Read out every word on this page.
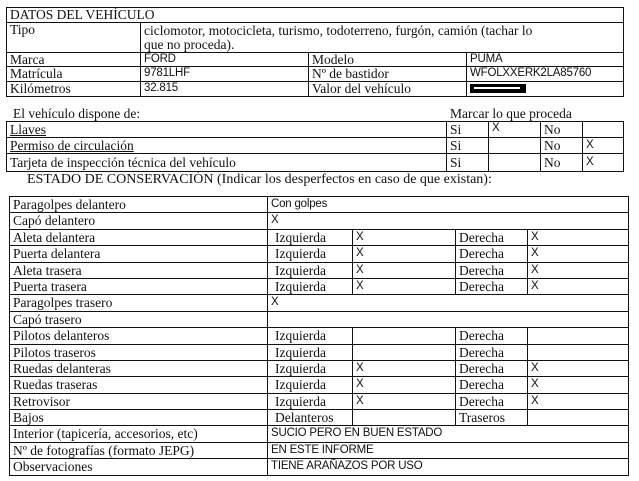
DATOS DEL VEHÍCULO			
Tipo	ciclomotor, motocicleta, turismo, todoterreno, furgón, camión (tachar lo
que no proceda).		

Marca	FORD	Modelo	PUMA
Matrícula	9781LHF	Nº de bastidor	WFOLXXERK2LA85760
Kilómetros	32.815	Valor del vehículo	
El vehículo dispone de:	Marcar lo que proceda
Llaves	Si	X	No	
Permiso de circulación	Si		No	X
Tarjeta de inspección técnica del vehículo	Si		No	X
ESTADO DE CONSERVACIÓN (Indicar los desperfectos en caso de que existan):
Paragolpes delantero	Con golpes			
Capó delantero	X			
Aleta delantera	Izquierda	X	Derecha	X
Puerta delantera	Izquierda	X	Derecha	X
Aleta trasera	Izquierda	X	Derecha	X
Puerta trasera	Izquierda	X	Derecha	X
Paragolpes trasero	X			
Capó trasero				
Pilotos delanteros	Izquierda		Derecha	
Pilotos traseros	Izquierda		Derecha	
Ruedas delanteras	Izquierda	X	Derecha	X
Ruedas traseras	Izquierda	X	Derecha	X
Retrovisor	Izquierda	X	Derecha	X
Bajos	Delanteros		Traseros	
Interior (tapicería, accesorios, etc)	SUCIO PERO EN BUEN ESTADO			
Nº de fotografías (formato JEPG)	EN ESTE INFORME			
Observaciones	TIENE ARAÑAZOS POR USO			
